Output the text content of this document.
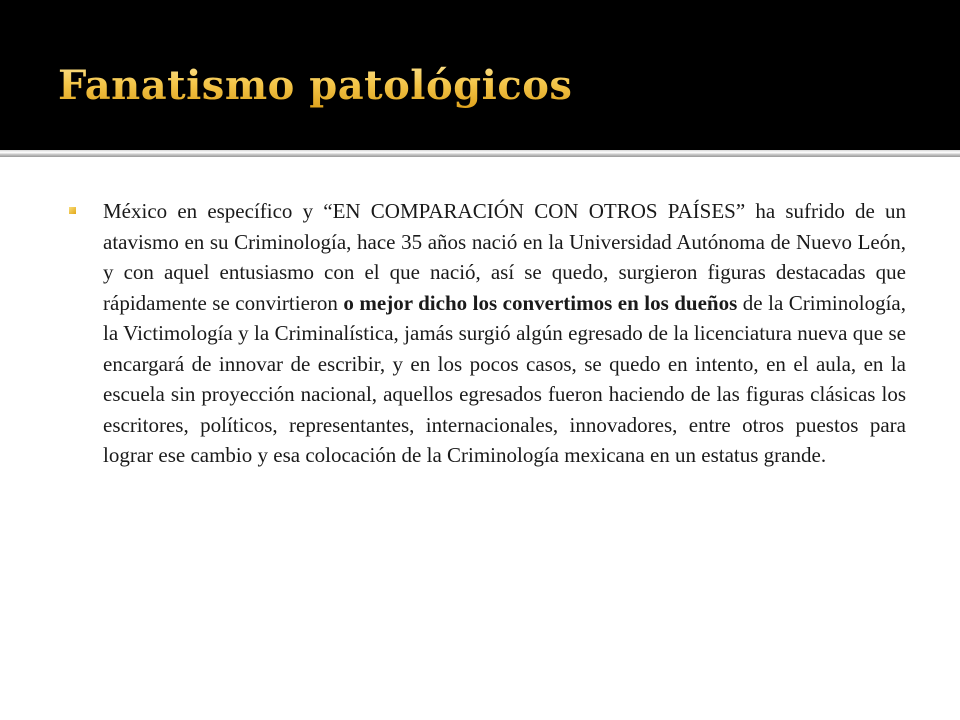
Fanatismo patológicos

México en específico y “EN COMPARACIÓN CON OTROS PAÍSES” ha sufrido de un atavismo en su Criminología, hace 35 años nació en la Universidad Autónoma de Nuevo León, y con aquel entusiasmo con el que nació, así se quedo, surgieron figuras destacadas que rápidamente se convirtieron o mejor dicho los convertimos en los dueños de la Criminología, la Victimología y la Criminalística, jamás surgió algún egresado de la licenciatura nueva que se encargará de innovar de escribir, y en los pocos casos, se quedo en intento, en el aula, en la escuela sin proyección nacional, aquellos egresados fueron haciendo de las figuras clásicas los escritores, políticos, representantes, internacionales, innovadores, entre otros puestos para lograr ese cambio y esa colocación de la Criminología mexicana en un estatus grande.
